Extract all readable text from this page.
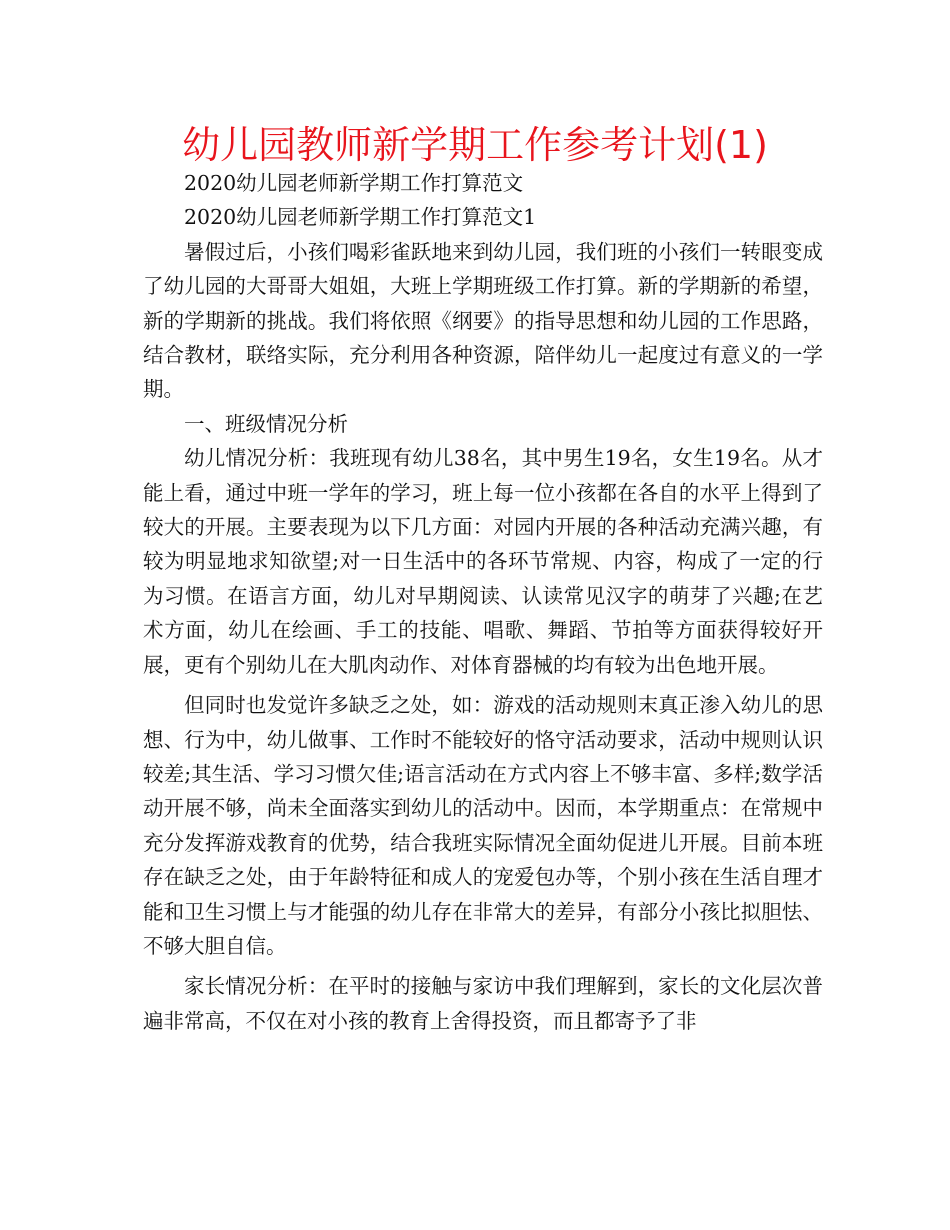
幼儿园教师新学期工作参考计划(1)

2020幼儿园老师新学期工作打算范文

2020幼儿园老师新学期工作打算范文1

暑假过后，小孩们喝彩雀跃地来到幼儿园，我们班的小孩们一转眼变成了幼儿园的大哥哥大姐姐，大班上学期班级工作打算。新的学期新的希望，新的学期新的挑战。我们将依照《纲要》的指导思想和幼儿园的工作思路，结合教材，联络实际，充分利用各种资源，陪伴幼儿一起度过有意义的一学期。

一、班级情况分析

幼儿情况分析：我班现有幼儿38名，其中男生19名，女生19名。从才能上看，通过中班一学年的学习，班上每一位小孩都在各自的水平上得到了较大的开展。主要表现为以下几方面：对园内开展的各种活动充满兴趣，有较为明显地求知欲望;对一日生活中的各环节常规、内容，构成了一定的行为习惯。在语言方面，幼儿对早期阅读、认读常见汉字的萌芽了兴趣;在艺术方面，幼儿在绘画、手工的技能、唱歌、舞蹈、节拍等方面获得较好开展，更有个别幼儿在大肌肉动作、对体育器械的均有较为出色地开展。

但同时也发觉许多缺乏之处，如：游戏的活动规则末真正渗入幼儿的思想、行为中，幼儿做事、工作时不能较好的恪守活动要求，活动中规则认识较差;其生活、学习习惯欠佳;语言活动在方式内容上不够丰富、多样;数学活动开展不够，尚未全面落实到幼儿的活动中。因而，本学期重点：在常规中充分发挥游戏教育的优势，结合我班实际情况全面幼促进儿开展。目前本班存在缺乏之处，由于年龄特征和成人的宠爱包办等，个别小孩在生活自理才能和卫生习惯上与才能强的幼儿存在非常大的差异，有部分小孩比拟胆怯、不够大胆自信。

家长情况分析：在平时的接触与家访中我们理解到，家长的文化层次普遍非常高，不仅在对小孩的教育上舍得投资，而且都寄予了非
